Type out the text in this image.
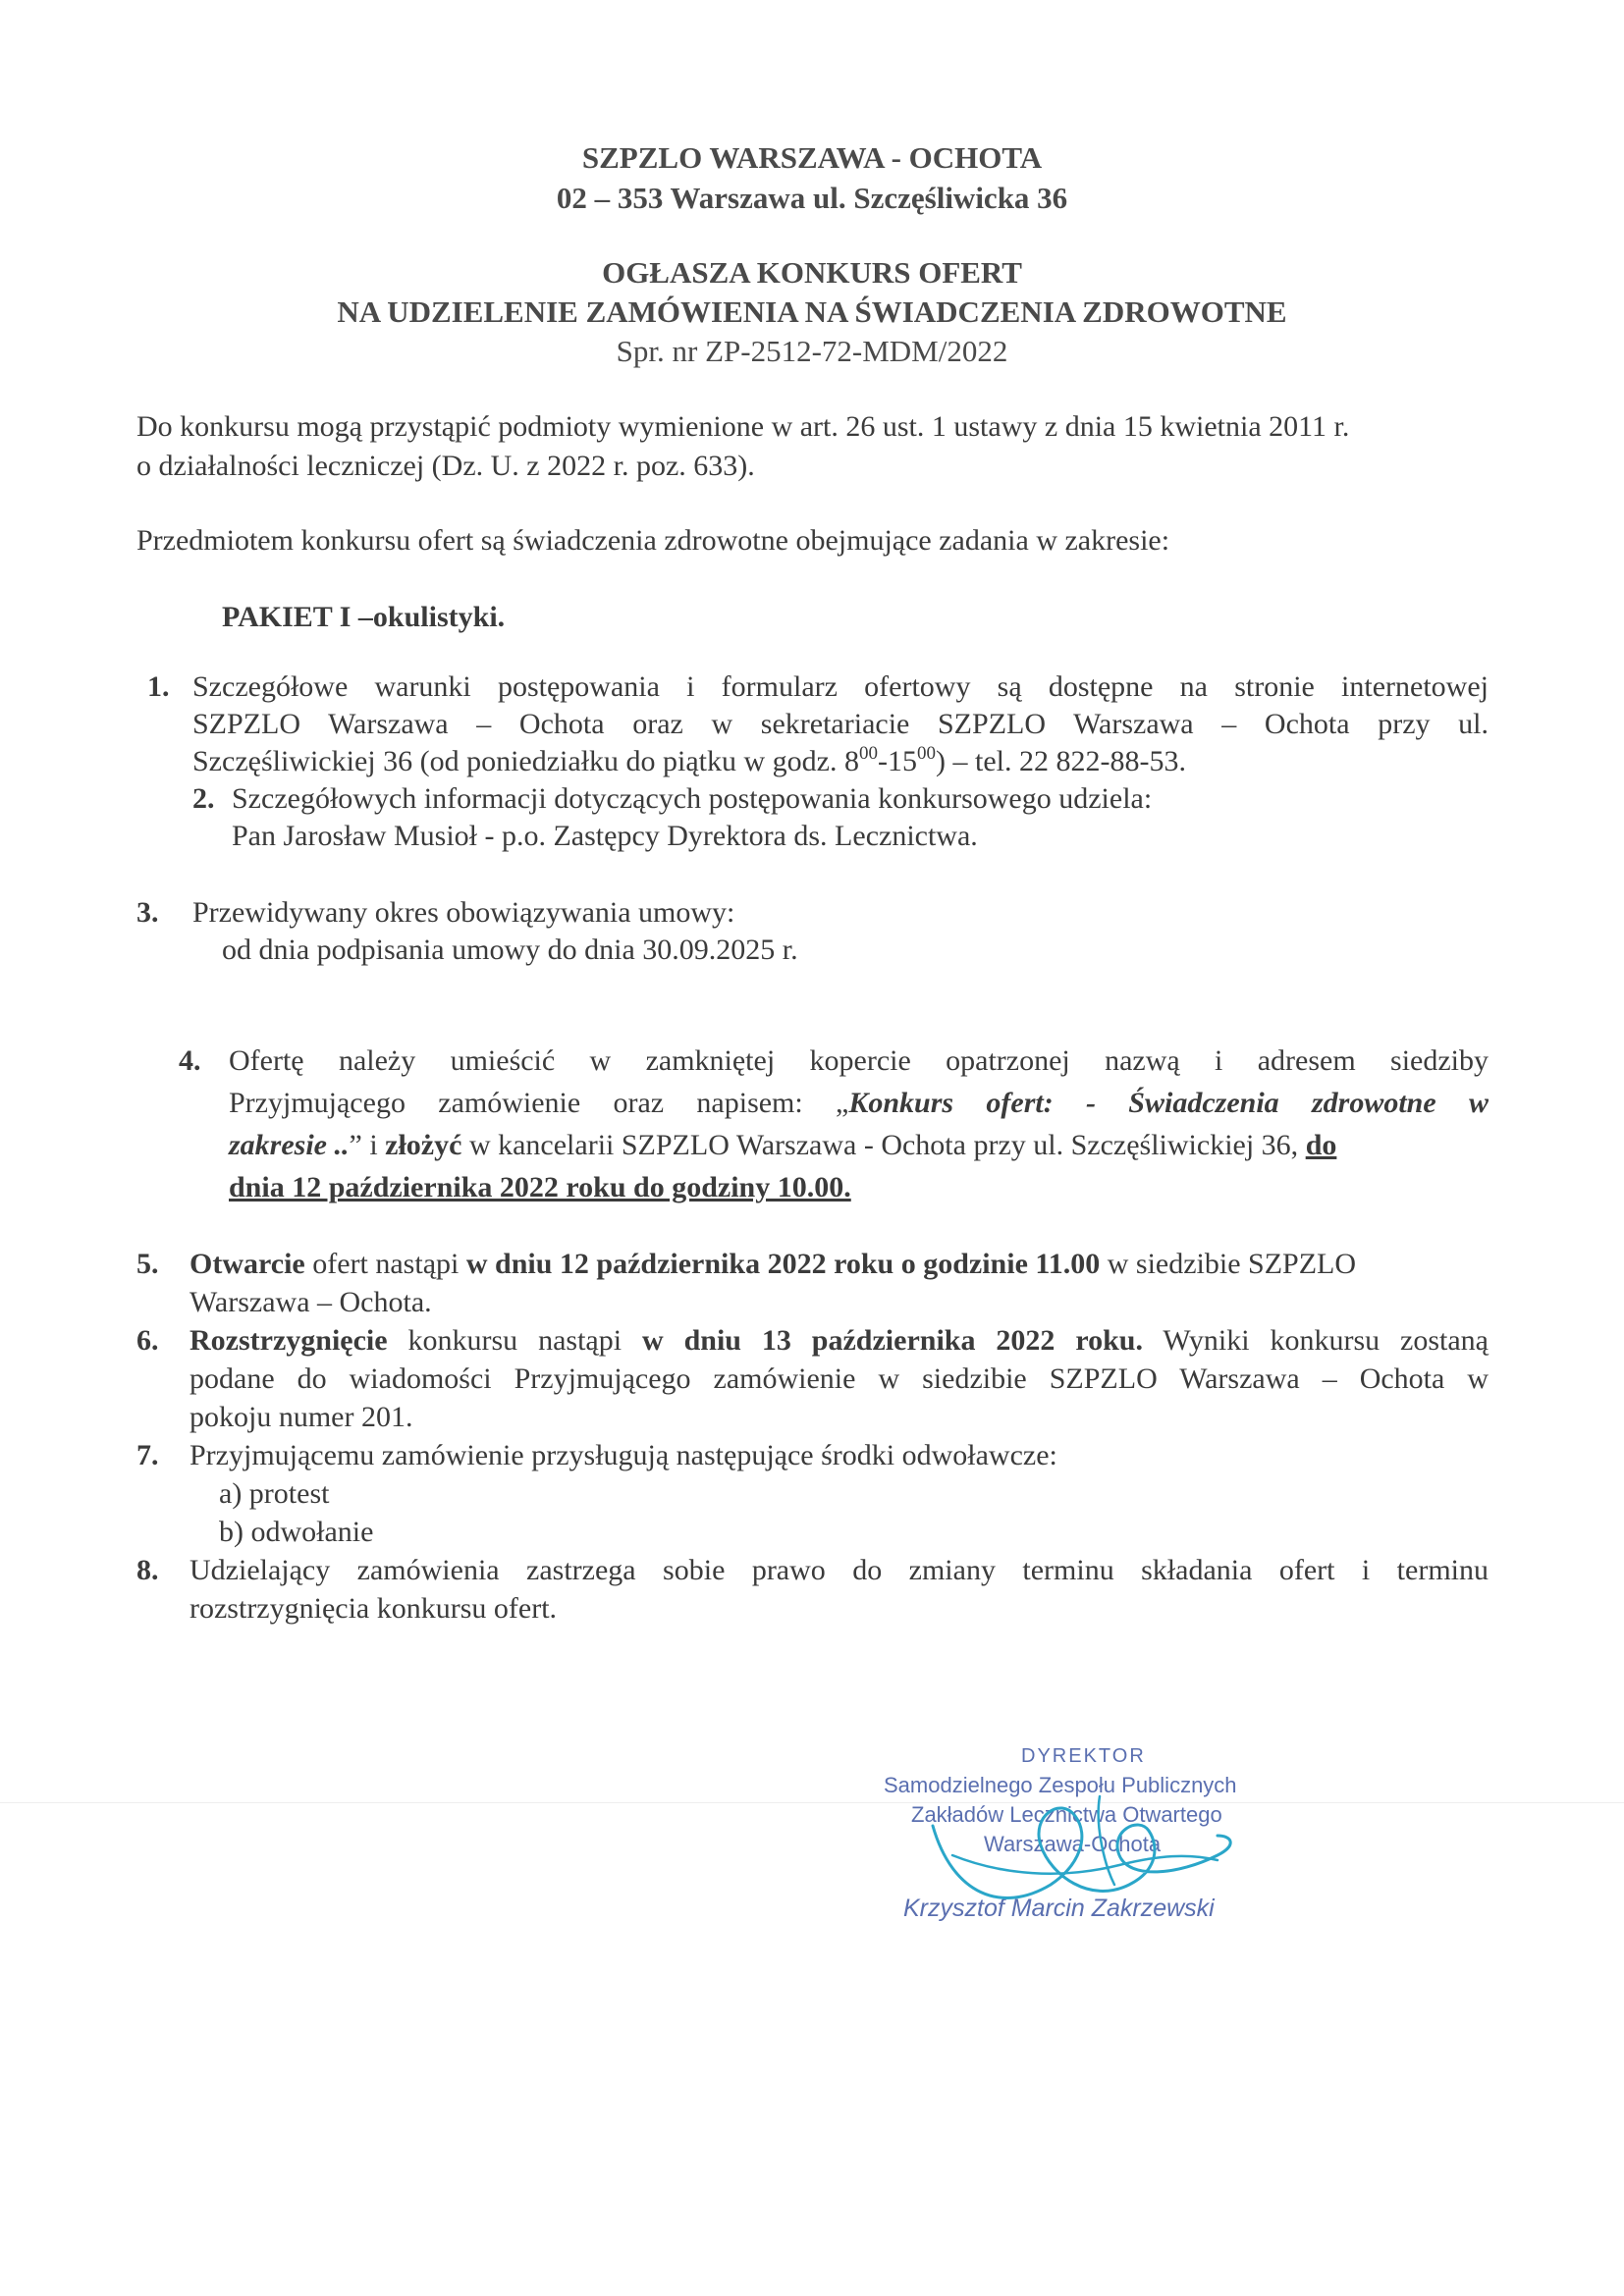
SZPZLO WARSZAWA - OCHOTA
02 – 353 Warszawa ul. Szczęśliwicka 36
OGŁASZA KONKURS OFERT
NA UDZIELENIE ZAMÓWIENIA NA ŚWIADCZENIA ZDROWOTNE
Spr. nr ZP-2512-72-MDM/2022
Do konkursu mogą przystąpić podmioty wymienione w art. 26 ust. 1 ustawy z dnia 15 kwietnia 2011 r.
o działalności leczniczej (Dz. U. z 2022 r. poz. 633).
Przedmiotem konkursu ofert są świadczenia zdrowotne obejmujące zadania w zakresie:
PAKIET I –okulistyki.
1. Szczegółowe warunki postępowania i formularz ofertowy są dostępne na stronie internetowej
SZPZLO Warszawa – Ochota oraz w sekretariacie SZPZLO Warszawa – Ochota przy ul.
Szczęśliwickiej 36 (od poniedziałku do piątku w godz. $8^{00}-15^{00}$) – tel. 22 822-88-53.
2. Szczegółowych informacji dotyczących postępowania konkursowego udziela:
Pan Jarosław Musioł - p.o. Zastępcy Dyrektora ds. Lecznictwa.
3. Przewidywany okres obowiązywania umowy:
od dnia podpisania umowy do dnia 30.09.2025 r.
4. Ofertę należy umieścić w zamkniętej kopercie opatrzonej nazwą i adresem siedziby
Przyjmującego zamówienie oraz napisem: „Konkurs ofert: - Świadczenia zdrowotne w
zakresie ..” i złożyć w kancelarii SZPZLO Warszawa - Ochota przy ul. Szczęśliwickiej 36, do
dnia 12 października 2022 roku do godziny 10.00.
5. Otwarcie ofert nastąpi w dniu 12 października 2022 roku o godzinie 11.00 w siedzibie SZPZLO
Warszawa – Ochota.
6. Rozstrzygnięcie konkursu nastąpi w dniu 13 października 2022 roku. Wyniki konkursu zostaną
podane do wiadomości Przyjmującego zamówienie w siedzibie SZPZLO Warszawa – Ochota w
pokoju numer 201.
7. Przyjmującemu zamówienie przysługują następujące środki odwoławcze:
a) protest
b) odwołanie
8. Udzielający zamówienia zastrzega sobie prawo do zmiany terminu składania ofert i terminu
rozstrzygnięcia konkursu ofert.
DYREKTOR
Samodzielnego Zespołu Publicznych
Zakładów Lecznictwa Otwartego
Warszawa-Ochota
Krzysztof Marcin Zakrzewski
